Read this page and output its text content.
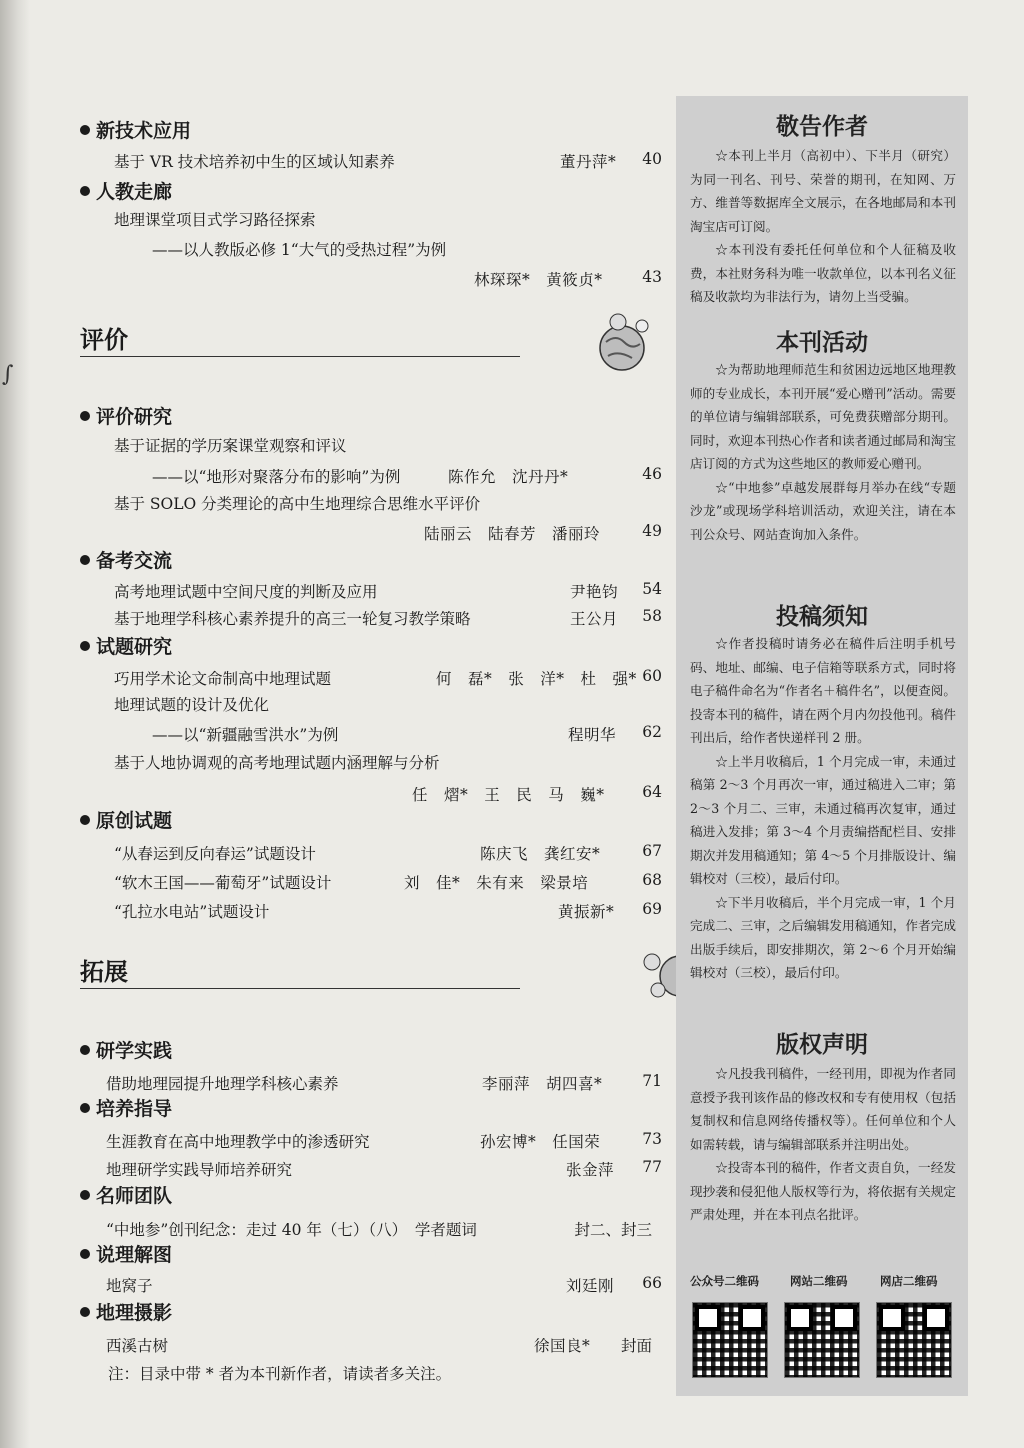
∫
新技术应用
基于 VR 技术培养初中生的区域认知素养	董丹萍* 40
人教走廊
地理课堂项目式学习路径探索
——以人教版必修 1“大气的受热过程”为例
林琛琛*　黄筱贞*	43
评价
评价研究
基于证据的学历案课堂观察和评议
——以“地形对聚落分布的影响”为例	陈作允　沈丹丹*	46
基于 SOLO 分类理论的高中生地理综合思维水平评价
陆丽云　陆春芳　潘丽玲	49
备考交流
高考地理试题中空间尺度的判断及应用	尹艳钧 54
基于地理学科核心素养提升的高三一轮复习教学策略	王公月 58
试题研究
巧用学术论文命制高中地理试题	何　磊*　张　洋*　杜　强* 60
地理试题的设计及优化
——以“新疆融雪洪水”为例	程明华 62
基于人地协调观的高考地理试题内涵理解与分析
任　熠*　王　民　马　巍* 64
原创试题
“从春运到反向春运”试题设计	陈庆飞　龚红安*	67
“软木王国——葡萄牙”试题设计	刘　佳*　朱有来　梁景培	68
“孔拉水电站”试题设计	黄振新* 69
拓展
研学实践
借助地理园提升地理学科核心素养	李丽萍　胡四喜*	71
培养指导
生涯教育在高中地理教学中的渗透研究	孙宏博*　任国荣	73
地理研学实践导师培养研究	张金萍 77
名师团队
“中地参”创刊纪念：走过 40 年（七）（八）　学者题词	封二、封三
说理解图
地窝子	刘廷刚 66
地理摄影
西溪古树	徐国良* 封面
注：目录中带 * 者为本刊新作者，请读者多关注。
敬告作者

☆本刊上半月（高初中）、下半月（研究）为同一刊名、刊号、荣誉的期刊，在知网、万方、维普等数据库全文展示，在各地邮局和本刊淘宝店可订阅。

☆本刊没有委托任何单位和个人征稿及收费，本社财务科为唯一收款单位，以本刊名义征稿及收款均为非法行为，请勿上当受骗。

本刊活动

☆为帮助地理师范生和贫困边远地区地理教师的专业成长，本刊开展“爱心赠刊”活动。需要的单位请与编辑部联系，可免费获赠部分期刊。同时，欢迎本刊热心作者和读者通过邮局和淘宝店订阅的方式为这些地区的教师爱心赠刊。

☆“中地参”卓越发展群每月举办在线“专题沙龙”或现场学科培训活动，欢迎关注，请在本刊公众号、网站查询加入条件。

投稿须知

☆作者投稿时请务必在稿件后注明手机号码、地址、邮编、电子信箱等联系方式，同时将电子稿件命名为“作者名＋稿件名”，以便查阅。投寄本刊的稿件，请在两个月内勿投他刊。稿件刊出后，给作者快递样刊 2 册。

☆上半月收稿后，1 个月完成一审，未通过稿第 2～3 个月再次一审，通过稿进入二审；第 2～3 个月二、三审，未通过稿再次复审，通过稿进入发排；第 3～4 个月责编搭配栏目、安排期次并发用稿通知；第 4～5 个月排版设计、编辑校对（三校），最后付印。

☆下半月收稿后，半个月完成一审，1 个月完成二、三审，之后编辑发用稿通知，作者完成出版手续后，即安排期次，第 2～6 个月开始编辑校对（三校），最后付印。

版权声明

☆凡投我刊稿件，一经刊用，即视为作者同意授予我刊该作品的修改权和专有使用权（包括复制权和信息网络传播权等）。任何单位和个人如需转载，请与编辑部联系并注明出处。

☆投寄本刊的稿件，作者文责自负，一经发现抄袭和侵犯他人版权等行为，将依据有关规定严肃处理，并在本刊点名批评。

公众号二维码	网站二维码	网店二维码
